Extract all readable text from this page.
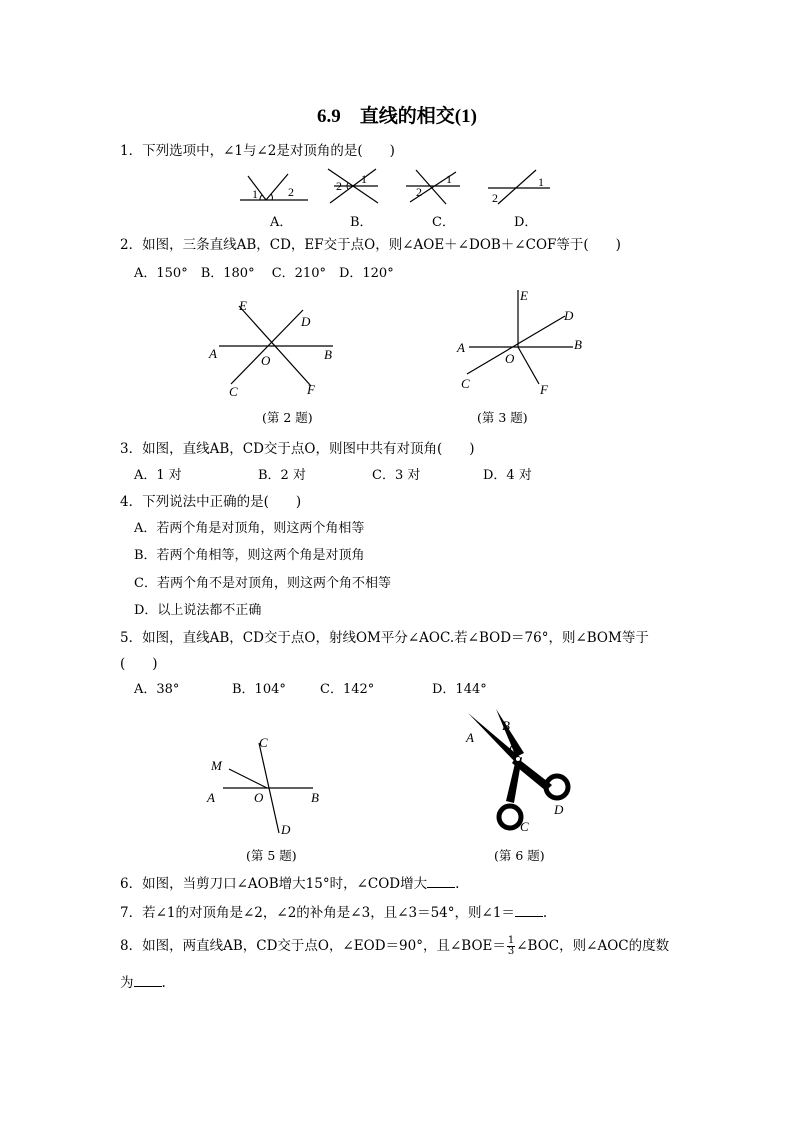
6.9　直线的相交(1)
1．下列选项中，∠1与∠2是对顶角的是(　　)
1	2	2 1
2
1
2
1
A．	B．	C．	D．
2．如图，三条直线AB，CD，EF交于点O，则∠AOE＋∠DOB＋∠COF等于(　　)
A．150°　B．180°　 C．210°　D．120°
E
D
A	B
O
C	F
(第 2 题)
E
D
A	B
O
C	F
(第 3 题)
3．如图，直线AB，CD交于点O，则图中共有对顶角(　　)
A．1 对	B．2 对	C．3 对	D．4 对
4．下列说法中正确的是(　　)
A．若两个角是对顶角，则这两个角相等
B．若两个角相等，则这两个角是对顶角
C．若两个角不是对顶角，则这两个角不相等
D．以上说法都不正确
5．如图，直线AB，CD交于点O，射线OM平分∠AOC.若∠BOD＝76°，则∠BOM等于
(　　)
A．38°	B．104°	C．142°	D．144°
C
M
A	O	B
D
(第 5 题)
B
A
O
D
C
(第 6 题)
6．如图，当剪刀口∠AOB增大15°时，∠COD增大 .
7．若∠1的对顶角是∠2，∠2的补角是∠3，且∠3＝54°，则∠1＝ .
8．如图，两直线AB，CD交于点O，∠EOD＝90°，且∠BOE＝ $\frac{1}{3}$ ∠BOC，则∠AOC的度数
为 .
